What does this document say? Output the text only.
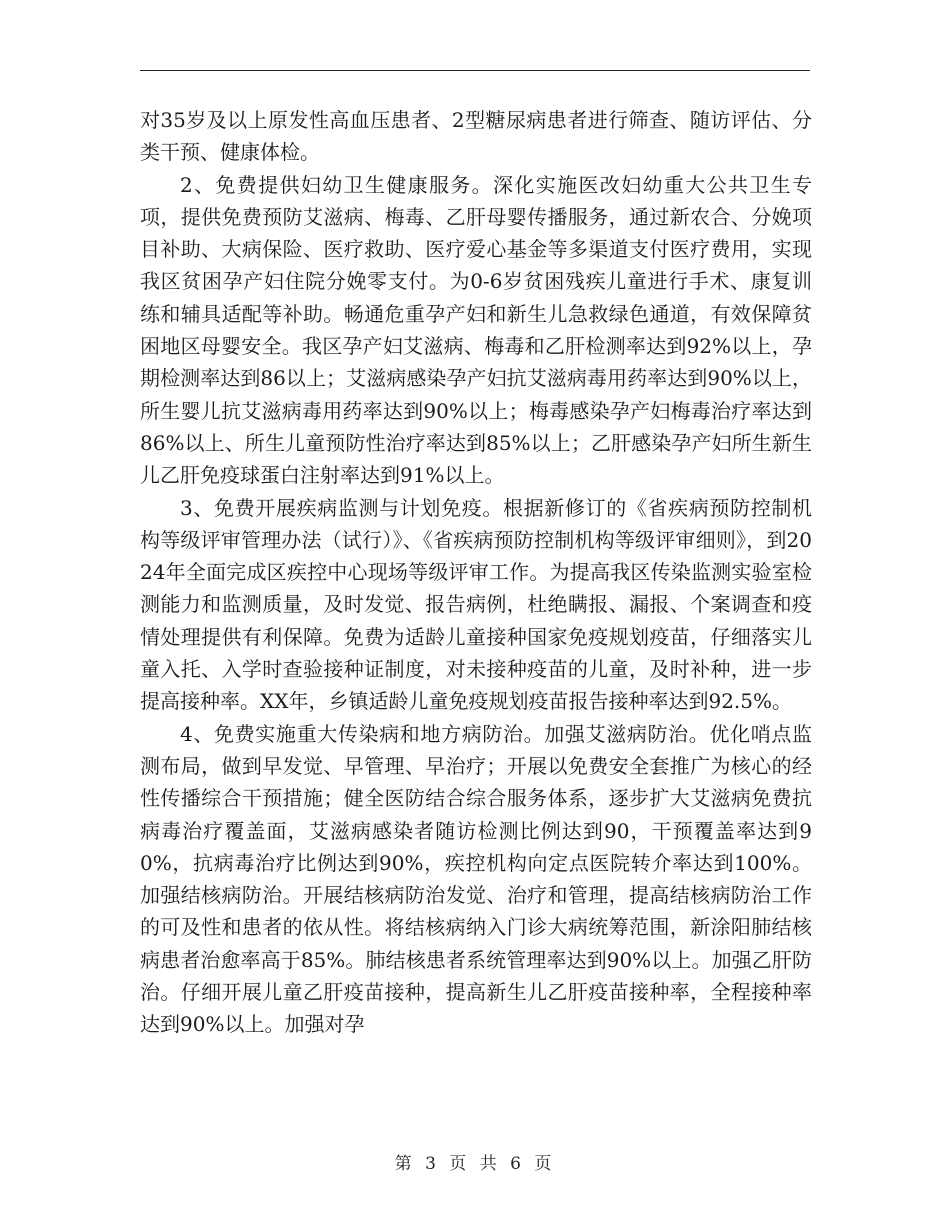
对35岁及以上原发性高血压患者、2型糖尿病患者进行筛查、随访评估、分类干预、健康体检。

2、免费提供妇幼卫生健康服务。深化实施医改妇幼重大公共卫生专项，提供免费预防艾滋病、梅毒、乙肝母婴传播服务，通过新农合、分娩项目补助、大病保险、医疗救助、医疗爱心基金等多渠道支付医疗费用，实现我区贫困孕产妇住院分娩零支付。为0-6岁贫困残疾儿童进行手术、康复训练和辅具适配等补助。畅通危重孕产妇和新生儿急救绿色通道，有效保障贫困地区母婴安全。我区孕产妇艾滋病、梅毒和乙肝检测率达到92%以上，孕期检测率达到86以上；艾滋病感染孕产妇抗艾滋病毒用药率达到90%以上，所生婴儿抗艾滋病毒用药率达到90%以上；梅毒感染孕产妇梅毒治疗率达到86%以上、所生儿童预防性治疗率达到85%以上；乙肝感染孕产妇所生新生儿乙肝免疫球蛋白注射率达到91%以上。

3、免费开展疾病监测与计划免疫。根据新修订的《省疾病预防控制机构等级评审管理办法（试行）》、《省疾病预防控制机构等级评审细则》，到2024年全面完成区疾控中心现场等级评审工作。为提高我区传染监测实验室检测能力和监测质量，及时发觉、报告病例，杜绝瞒报、漏报、个案调查和疫情处理提供有利保障。免费为适龄儿童接种国家免疫规划疫苗，仔细落实儿童入托、入学时查验接种证制度，对未接种疫苗的儿童，及时补种，进一步提高接种率。XX年，乡镇适龄儿童免疫规划疫苗报告接种率达到92.5%。

4、免费实施重大传染病和地方病防治。加强艾滋病防治。优化哨点监测布局，做到早发觉、早管理、早治疗；开展以免费安全套推广为核心的经性传播综合干预措施；健全医防结合综合服务体系，逐步扩大艾滋病免费抗病毒治疗覆盖面，艾滋病感染者随访检测比例达到90，干预覆盖率达到90%，抗病毒治疗比例达到90%，疾控机构向定点医院转介率达到100%。加强结核病防治。开展结核病防治发觉、治疗和管理，提高结核病防治工作的可及性和患者的依从性。将结核病纳入门诊大病统筹范围，新涂阳肺结核病患者治愈率高于85%。肺结核患者系统管理率达到90%以上。加强乙肝防治。仔细开展儿童乙肝疫苗接种，提高新生儿乙肝疫苗接种率，全程接种率达到90%以上。加强对孕

第 3 页 共 6 页
